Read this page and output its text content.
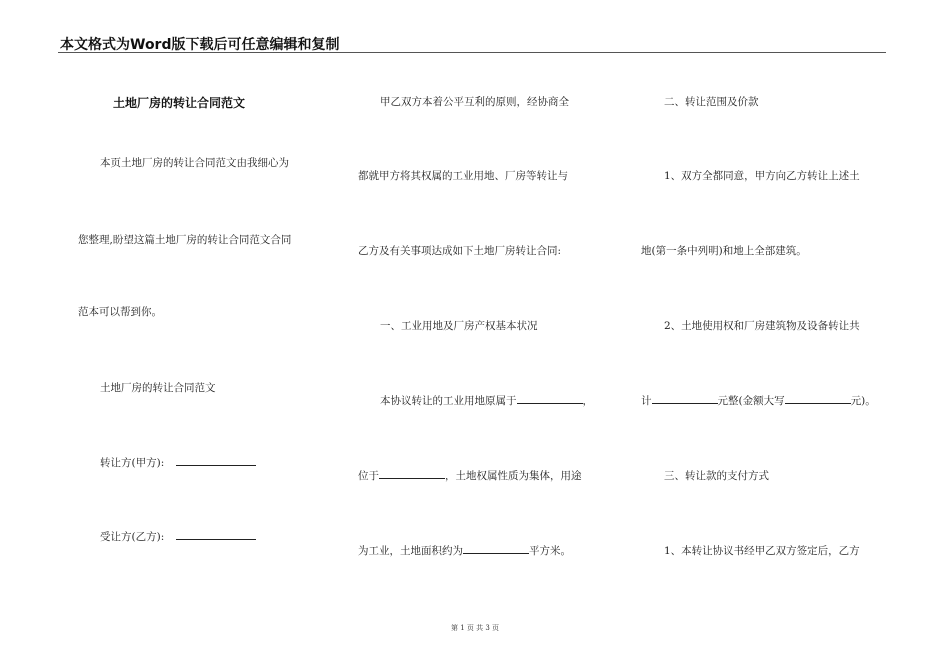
本文格式为Word版下载后可任意编辑和复制
土地厂房的转让合同范文
本页土地厂房的转让合同范文由我细心为
您整理,盼望这篇土地厂房的转让合同范文合同
范本可以帮到你。
土地厂房的转让合同范文
转让方(甲方):
受让方(乙方):
甲乙双方本着公平互利的原则，经协商全
都就甲方将其权属的工业用地、厂房等转让与
乙方及有关事项达成如下土地厂房转让合同:
一、工业用地及厂房产权基本状况
本协议转让的工业用地原属于	，
位于	，土地权属性质为集体，用途
为工业，土地面积约为	平方米。
二、转让范围及价款
1、双方全都同意，甲方向乙方转让上述土
地(第一条中列明)和地上全部建筑。
2、土地使用权和厂房建筑物及设备转让共
计	元整(金额大写	元)。
三、转让款的支付方式
1、本转让协议书经甲乙双方签定后，乙方
第 1 页 共 3 页
